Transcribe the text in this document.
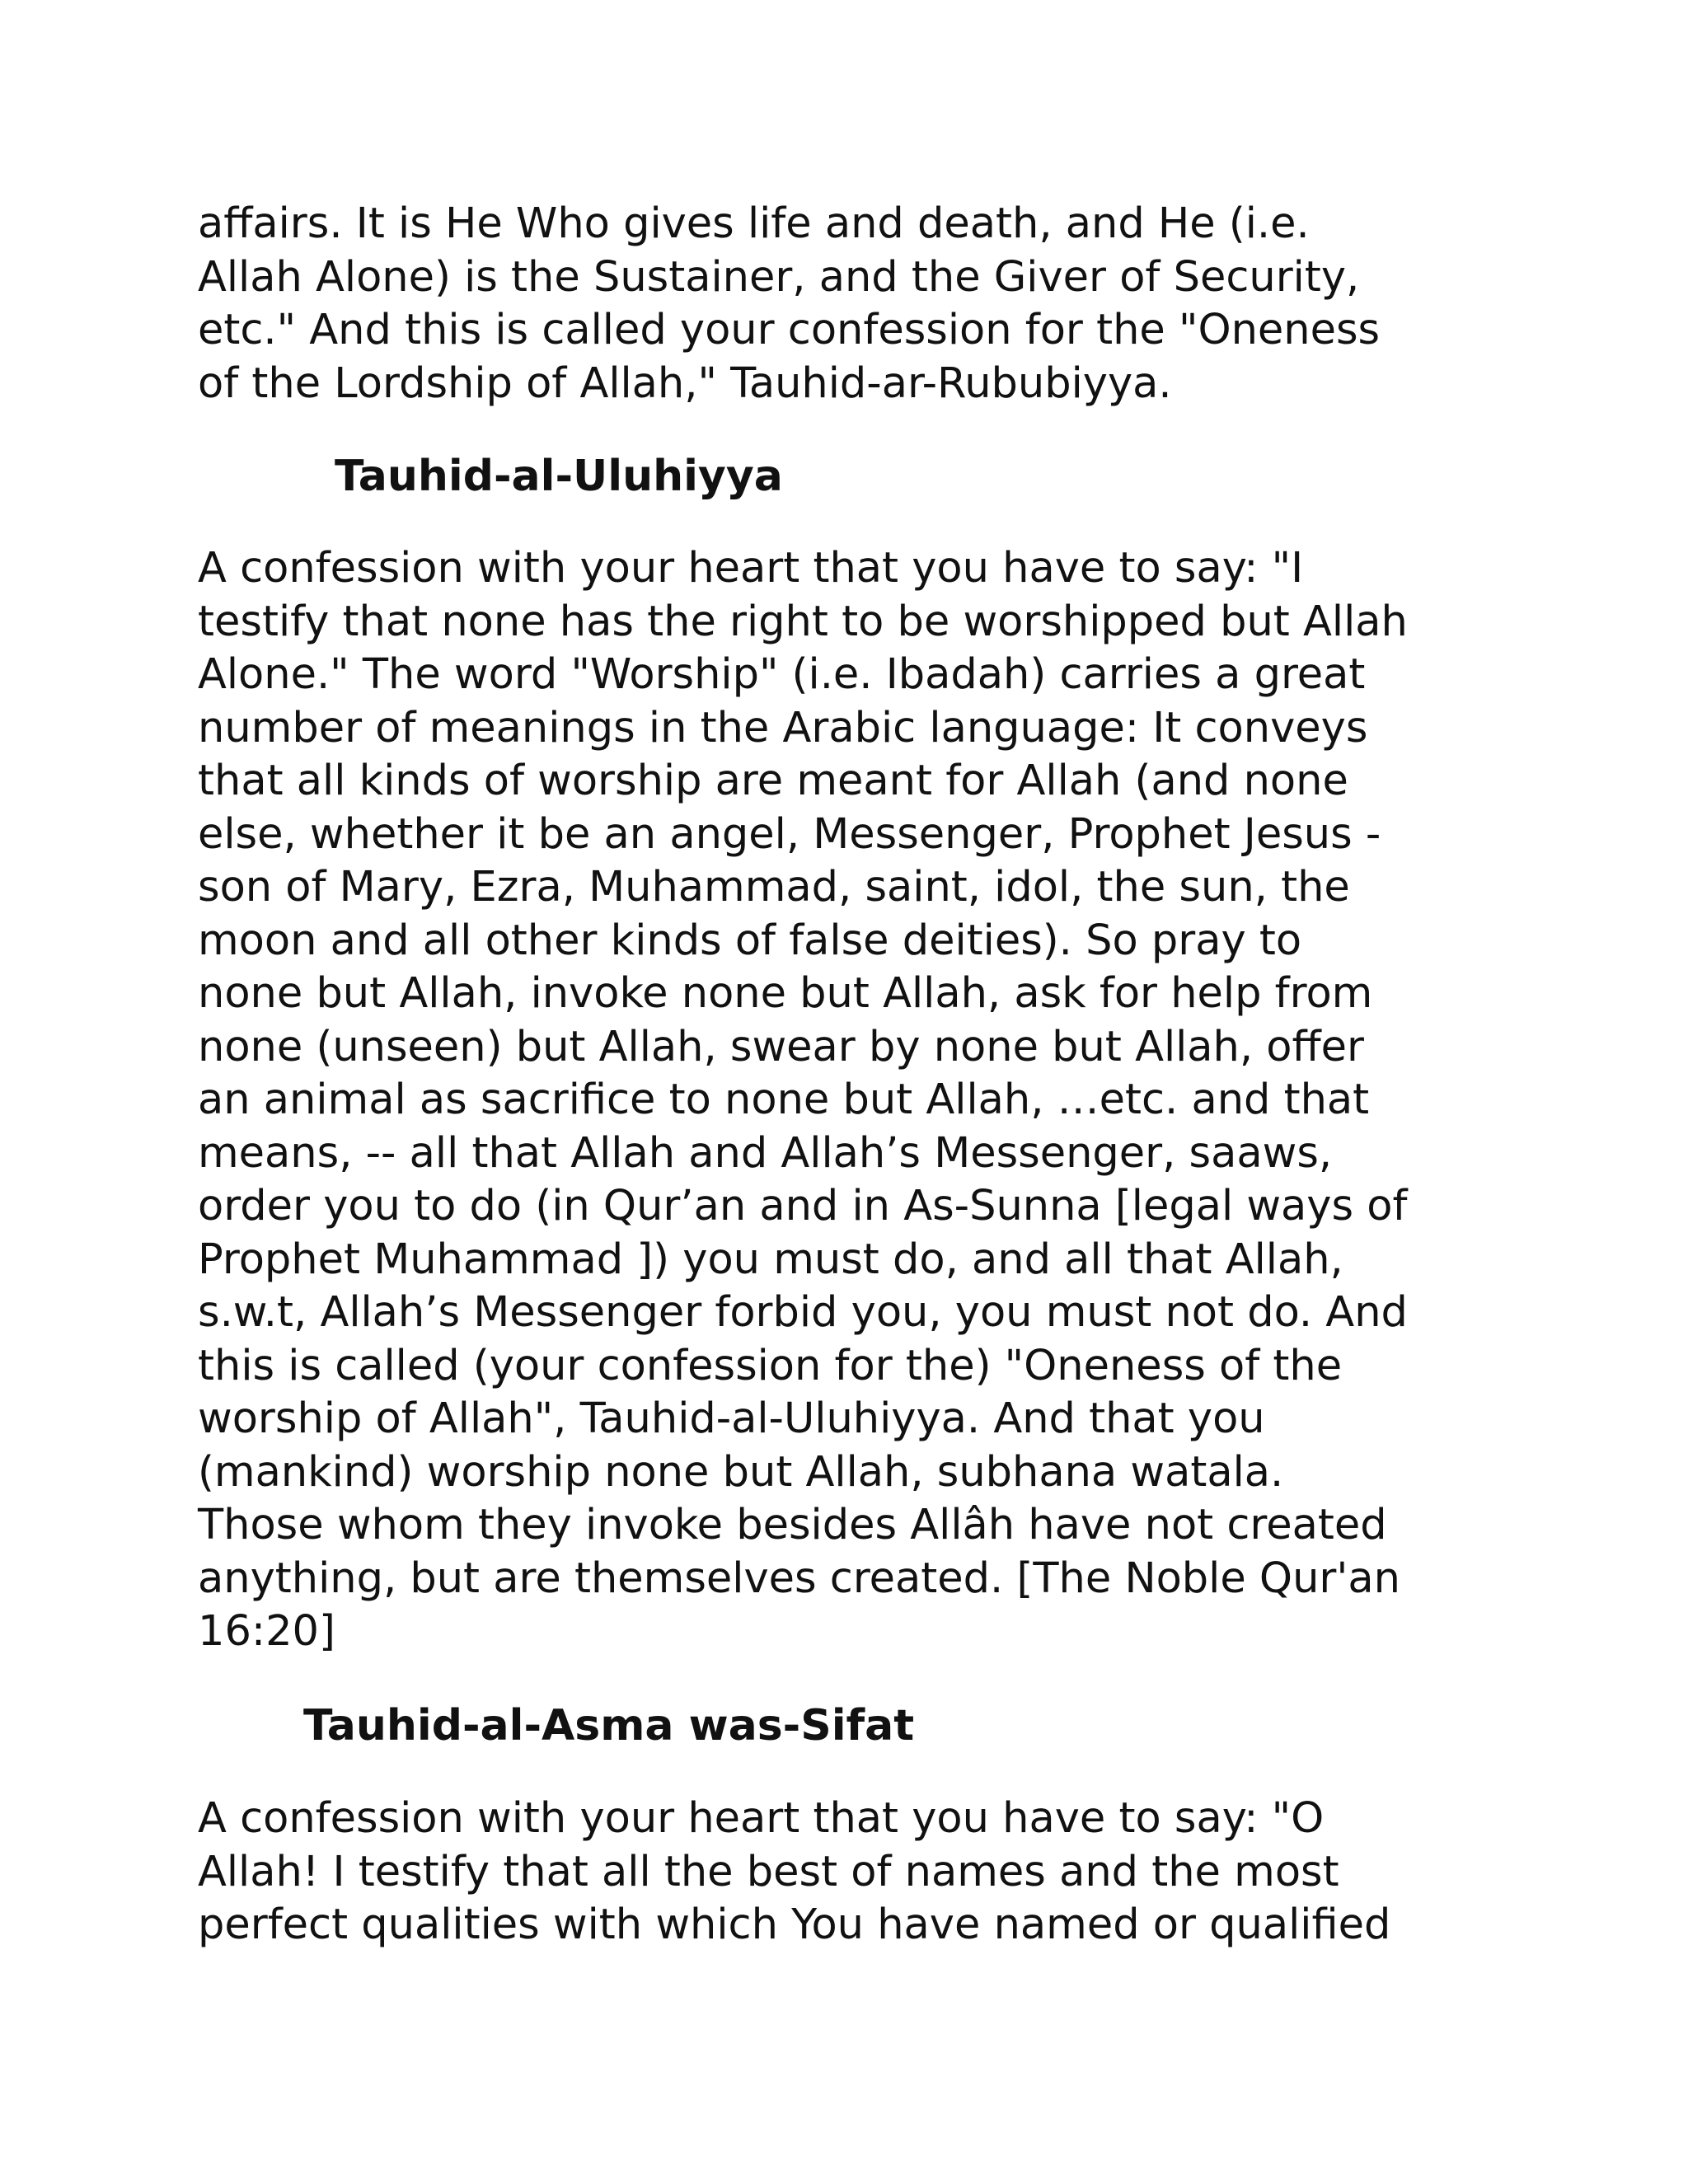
affairs. It is He Who gives life and death, and He (i.e.
Allah Alone) is the Sustainer, and the Giver of Security,
etc." And this is called your confession for the "Oneness
of the Lordship of Allah," Tauhid-ar-Rububiyya.

Tauhid-al-Uluhiyya

A confession with your heart that you have to say: "I
testify that none has the right to be worshipped but Allah
Alone." The word "Worship" (i.e. Ibadah) carries a great
number of meanings in the Arabic language: It conveys
that all kinds of worship are meant for Allah (and none
else, whether it be an angel, Messenger, Prophet Jesus -
son of Mary, Ezra, Muhammad, saint, idol, the sun, the
moon and all other kinds of false deities). So pray to
none but Allah, invoke none but Allah, ask for help from
none (unseen) but Allah, swear by none but Allah, offer
an animal as sacrifice to none but Allah, …etc. and that
means, -- all that Allah and Allah’s Messenger, saaws,
order you to do (in Qur’an and in As-Sunna [legal ways of
Prophet Muhammad ]) you must do, and all that Allah,
s.w.t, Allah’s Messenger forbid you, you must not do. And
this is called (your confession for the) "Oneness of the
worship of Allah", Tauhid-al-Uluhiyya. And that you
(mankind) worship none but Allah, subhana watala.
Those whom they invoke besides Allâh have not created
anything, but are themselves created. [The Noble Qur'an
16:20]

Tauhid-al-Asma was-Sifat

A confession with your heart that you have to say: "O
Allah! I testify that all the best of names and the most
perfect qualities with which You have named or qualified
